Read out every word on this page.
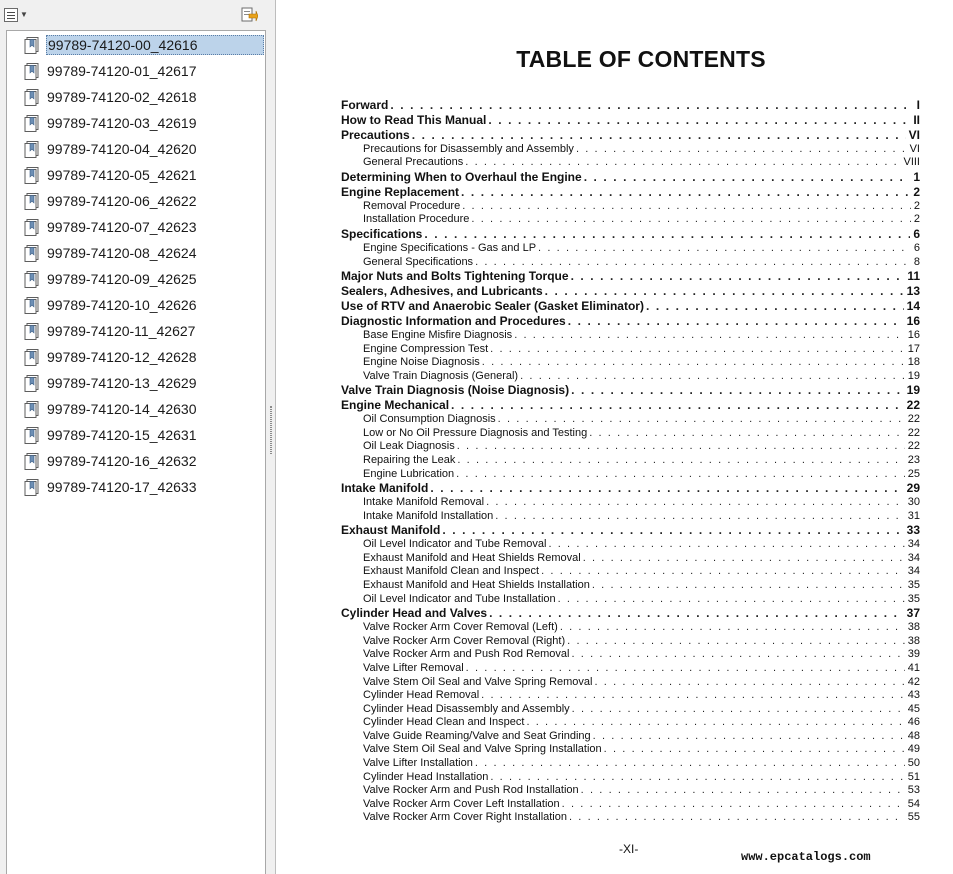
▼
99789-74120-00_42616
99789-74120-01_42617
99789-74120-02_42618
99789-74120-03_42619
99789-74120-04_42620
99789-74120-05_42621
99789-74120-06_42622
99789-74120-07_42623
99789-74120-08_42624
99789-74120-09_42625
99789-74120-10_42626
99789-74120-11_42627
99789-74120-12_42628
99789-74120-13_42629
99789-74120-14_42630
99789-74120-15_42631
99789-74120-16_42632
99789-74120-17_42633
TABLE OF CONTENTS
Forward . . .	I
How to Read This Manual . . .	II
Precautions . . .	VI
Precautions for Disassembly and Assembly . . .	VI
General Precautions . . .	VIII
Determining When to Overhaul the Engine . . .	1
Engine Replacement . . .	2
Removal Procedure . . .	2
Installation Procedure . . .	2
Specifications . . .	6
Engine Specifications - Gas and LP . . .	6
General Specifications . . .	8
Major Nuts and Bolts Tightening Torque . . .	11
Sealers, Adhesives, and Lubricants . . .	13
Use of RTV and Anaerobic Sealer (Gasket Eliminator) . . .	14
Diagnostic Information and Procedures . . .	16
Base Engine Misfire Diagnosis . . .	16
Engine Compression Test . . .	17
Engine Noise Diagnosis . . .	18
Valve Train Diagnosis (General) . . .	19
Valve Train Diagnosis (Noise Diagnosis) . . .	19
Engine Mechanical . . .	22
Oil Consumption Diagnosis . . .	22
Low or No Oil Pressure Diagnosis and Testing . . .	22
Oil Leak Diagnosis . . .	22
Repairing the Leak . . .	23
Engine Lubrication . . .	25
Intake Manifold . . .	29
Intake Manifold Removal . . .	30
Intake Manifold Installation . . .	31
Exhaust Manifold . . .	33
Oil Level Indicator and Tube Removal . . .	34
Exhaust Manifold and Heat Shields Removal . . .	34
Exhaust Manifold Clean and Inspect . . .	34
Exhaust Manifold and Heat Shields Installation . . .	35
Oil Level Indicator and Tube Installation . . .	35
Cylinder Head and Valves . . .	37
Valve Rocker Arm Cover Removal (Left) . . .	38
Valve Rocker Arm Cover Removal (Right) . . .	38
Valve Rocker Arm and Push Rod Removal . . .	39
Valve Lifter Removal . . .	41
Valve Stem Oil Seal and Valve Spring Removal . . .	42
Cylinder Head Removal . . .	43
Cylinder Head Disassembly and Assembly . . .	45
Cylinder Head Clean and Inspect . . .	46
Valve Guide Reaming/Valve and Seat Grinding . . .	48
Valve Stem Oil Seal and Valve Spring Installation . . .	49
Valve Lifter Installation . . .	50
Cylinder Head Installation . . .	51
Valve Rocker Arm and Push Rod Installation . . .	53
Valve Rocker Arm Cover Left Installation . . .	54
Valve Rocker Arm Cover Right Installation . . .	55
-XI-
www.epcatalogs.com
